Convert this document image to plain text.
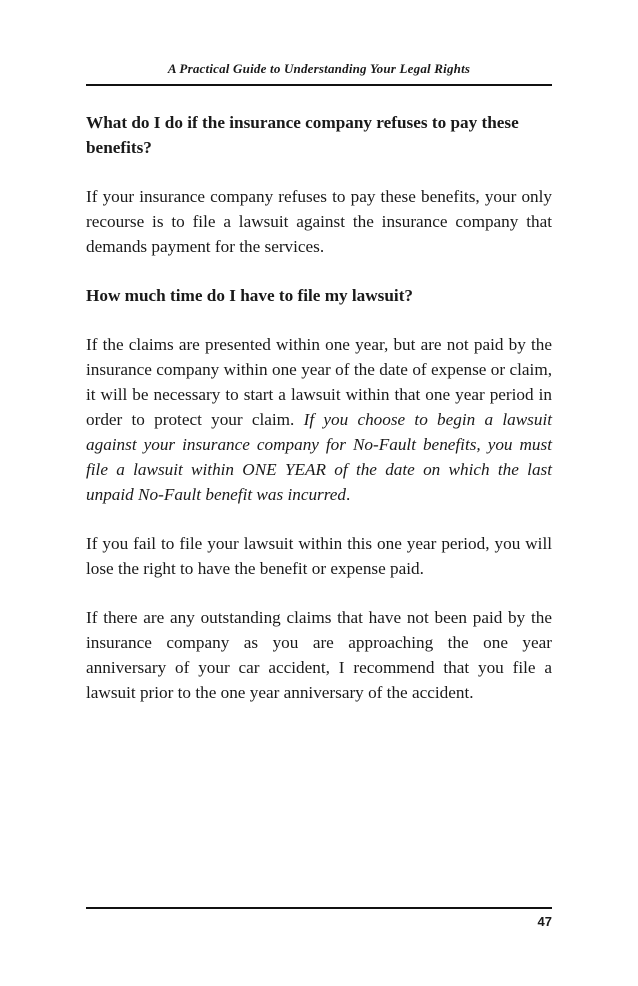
A Practical Guide to Understanding Your Legal Rights

What do I do if the insurance company refuses to pay these benefits?

If your insurance company refuses to pay these benefits, your only recourse is to file a lawsuit against the insurance company that demands payment for the services.

How much time do I have to file my lawsuit?

If the claims are presented within one year, but are not paid by the insurance company within one year of the date of expense or claim, it will be necessary to start a lawsuit within that one year period in order to protect your claim. If you choose to begin a lawsuit against your insurance company for No-Fault benefits, you must file a lawsuit within ONE YEAR of the date on which the last unpaid No-Fault benefit was incurred.

If you fail to file your lawsuit within this one year period, you will lose the right to have the benefit or expense paid.

If there are any outstanding claims that have not been paid by the insurance company as you are approaching the one year anniversary of your car accident, I recommend that you file a lawsuit prior to the one year anniversary of the accident.

47
